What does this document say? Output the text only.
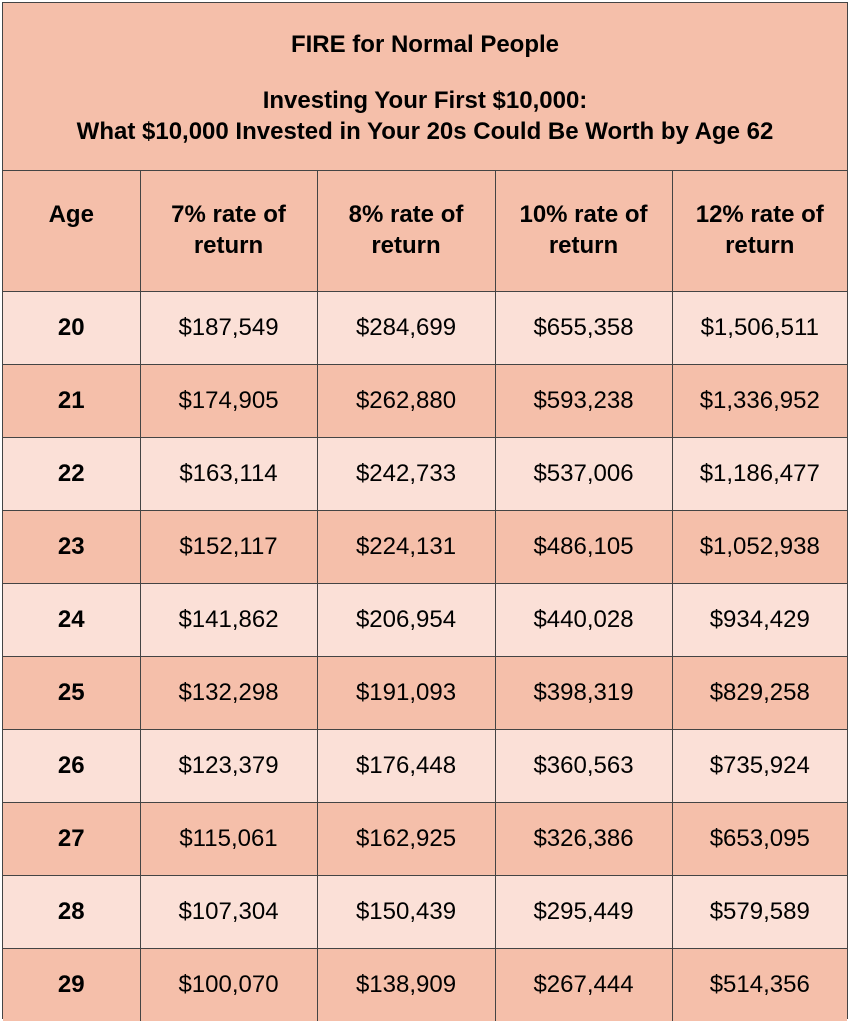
FIRE for Normal People
Investing Your First $10,000:
What $10,000 Invested in Your 20s Could Be Worth by Age 62
Age	7% rate of return	8% rate of return	10% rate of return	12% rate of return
20	$187,549	$284,699	$655,358	$1,506,511
21	$174,905	$262,880	$593,238	$1,336,952
22	$163,114	$242,733	$537,006	$1,186,477
23	$152,117	$224,131	$486,105	$1,052,938
24	$141,862	$206,954	$440,028	$934,429
25	$132,298	$191,093	$398,319	$829,258
26	$123,379	$176,448	$360,563	$735,924
27	$115,061	$162,925	$326,386	$653,095
28	$107,304	$150,439	$295,449	$579,589
29	$100,070	$138,909	$267,444	$514,356
